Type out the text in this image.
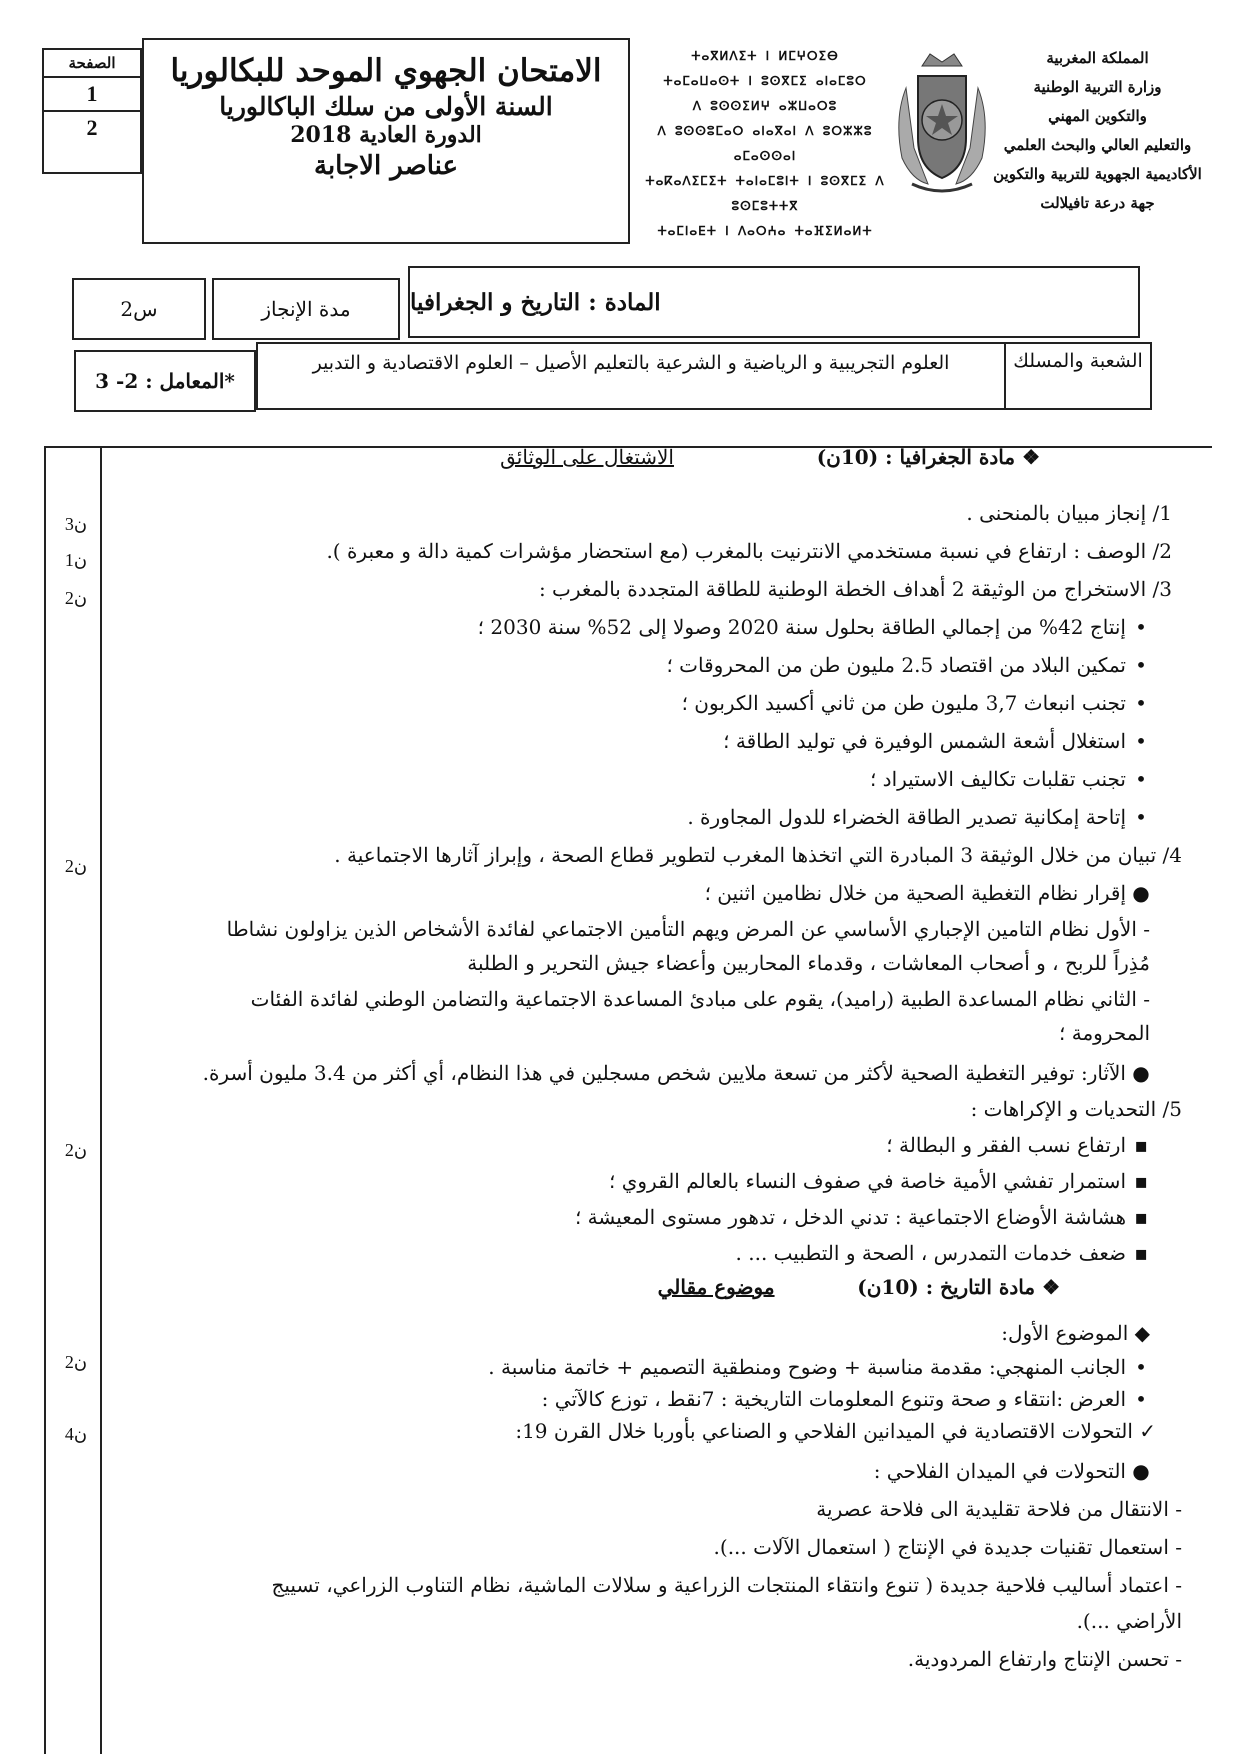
الصفحة
1
2
الامتحان الجهوي الموحد للبكالوريا
السنة الأولى من سلك الباكالوريا
الدورة العادية 2018
عناصر الاجابة
ⵜⴰⴳⵍⴷⵉⵜ ⵏ ⵍⵎⵖⵔⵉⴱ
ⵜⴰⵎⴰⵡⴰⵙⵜ ⵏ ⵓⵙⴳⵎⵉ ⴰⵏⴰⵎⵓⵔ
ⴷ ⵓⵙⵙⵉⵍⵖ ⴰⵣⵡⴰⵔⵓ
ⴷ ⵓⵙⵙⵓⵎⴰⵔ ⴰⵏⴰⴳⴰⵏ ⴷ ⵓⵔⵣⵣⵓ ⴰⵎⴰⵙⵙⴰⵏ
ⵜⴰⴽⴰⴷⵉⵎⵉⵜ ⵜⴰⵏⴰⵎⵓⵏⵜ ⵏ ⵓⵙⴳⵎⵉ ⴷ ⵓⵙⵎⵓⵜⵜⴳ
ⵜⴰⵎⵏⴰⴹⵜ ⵏ ⴷⴰⵔⵄⴰ ⵜⴰⴼⵉⵍⴰⵍⵜ
المملكة المغربية
وزارة التربية الوطنية
والتكوين المهني
والتعليم العالي والبحث العلمي
الأكاديمية الجهوية للتربية والتكوين
جهة درعة تافيلالت
المادة : التاريخ و الجغرافيا
مدة الإنجاز
2س
الشعبة والمسلك
العلوم التجريبية و الرياضية و الشرعية بالتعليم الأصيل – العلوم الاقتصادية و التدبير
المعامل : 2- 3*
3ن
1ن
2ن
2ن
2ن
2ن
4ن
❖ مادة الجغرافيا : (10ن)  الاشتغال على الوثائق
1/ إنجاز مبيان بالمنحنى .
2/ الوصف : ارتفاع في نسبة مستخدمي الانترنيت بالمغرب (مع استحضار مؤشرات كمية دالة و معبرة ).
3/ الاستخراج من الوثيقة 2 أهداف الخطة الوطنية للطاقة المتجددة بالمغرب :
•إنتاج 42% من إجمالي الطاقة بحلول سنة 2020 وصولا إلى 52% سنة 2030 ؛
•تمكين البلاد من اقتصاد 2.5 مليون طن من المحروقات ؛
•تجنب انبعاث 3,7 مليون طن من ثاني أكسيد الكربون ؛
•استغلال أشعة الشمس الوفيرة في توليد الطاقة ؛
•تجنب تقلبات تكاليف الاستيراد ؛
•إتاحة إمكانية تصدير الطاقة الخضراء للدول المجاورة .
4/ تبيان من خلال الوثيقة 3 المبادرة التي اتخذها المغرب لتطوير قطاع الصحة ، وإبراز آثارها الاجتماعية .
●إقرار نظام التغطية الصحية من خلال نظامين اثنين ؛
- الأول نظام التامين الإجباري الأساسي عن المرض ويهم التأمين الاجتماعي لفائدة الأشخاص الذين يزاولون نشاطا
مُذِراً للربح ، و أصحاب المعاشات ، وقدماء المحاربين وأعضاء جيش التحرير و الطلبة
- الثاني نظام المساعدة الطبية (راميد)، يقوم على مبادئ المساعدة الاجتماعية والتضامن الوطني لفائدة الفئات
المحرومة ؛
●الآثار: توفير التغطية الصحية لأكثر من تسعة ملايين شخص مسجلين في هذا النظام، أي أكثر من 3.4 مليون أسرة.
5/ التحديات و الإكراهات :
▪ارتفاع نسب الفقر و البطالة ؛
▪استمرار تفشي الأمية خاصة في صفوف النساء بالعالم القروي ؛
▪هشاشة الأوضاع الاجتماعية : تدني الدخل ، تدهور مستوى المعيشة ؛
▪ضعف خدمات التمدرس ، الصحة و التطبيب ... .
❖ مادة التاريخ : (10ن)  موضوع مقالي
◆ الموضوع الأول:
•الجانب المنهجي: مقدمة مناسبة + وضوح ومنطقية التصميم + خاتمة مناسبة .
•العرض :انتقاء و صحة وتنوع المعلومات التاريخية : 7نقط ، توزع كالآتي :
✓ التحولات الاقتصادية في الميدانين الفلاحي و الصناعي بأوربا خلال القرن 19:
●التحولات في الميدان الفلاحي :
- الانتقال من فلاحة تقليدية الى فلاحة عصرية
- استعمال تقنيات جديدة في الإنتاج ( استعمال الآلات ...).
- اعتماد أساليب فلاحية جديدة ( تنوع وانتقاء المنتجات الزراعية و سلالات الماشية، نظام التناوب الزراعي، تسييج
الأراضي ...).
- تحسن الإنتاج وارتفاع المردودية.
